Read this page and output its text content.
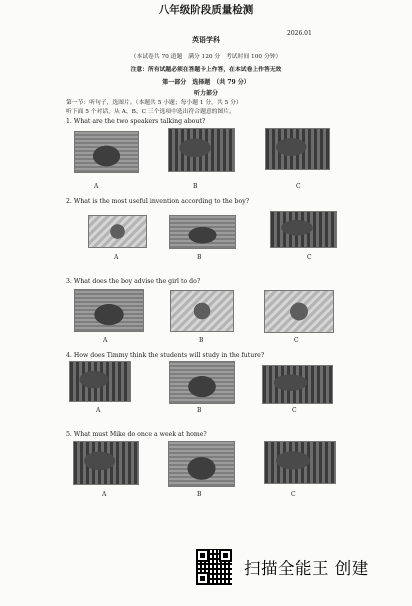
八年级阶段质量检测
2026.01
英语学科
（本试卷共 70 道题　满分 120 分　考试时间 100 分钟）
注意：所有试题必须在答题卡上作答，在本试卷上作答无效
第一部分　选择题　（共 79 分）
听力部分
第一节：听句子，选图片。（本题共 5 小题；每小题 1 分，共 5 分）
听下面 5 个对话，从 A、B、C 三个选项中选出符合题意的图片。
1. What are the two speakers talking about?
A	B	C
2. What is the most useful invention according to the boy?
A	B	C
3. What does the boy advise the girl to do?
A	B	C
4. How does Timmy think the students will study in the future?
A	B	C
5. What must Mike do once a week at home?
A	B	C
扫描全能王 创建
